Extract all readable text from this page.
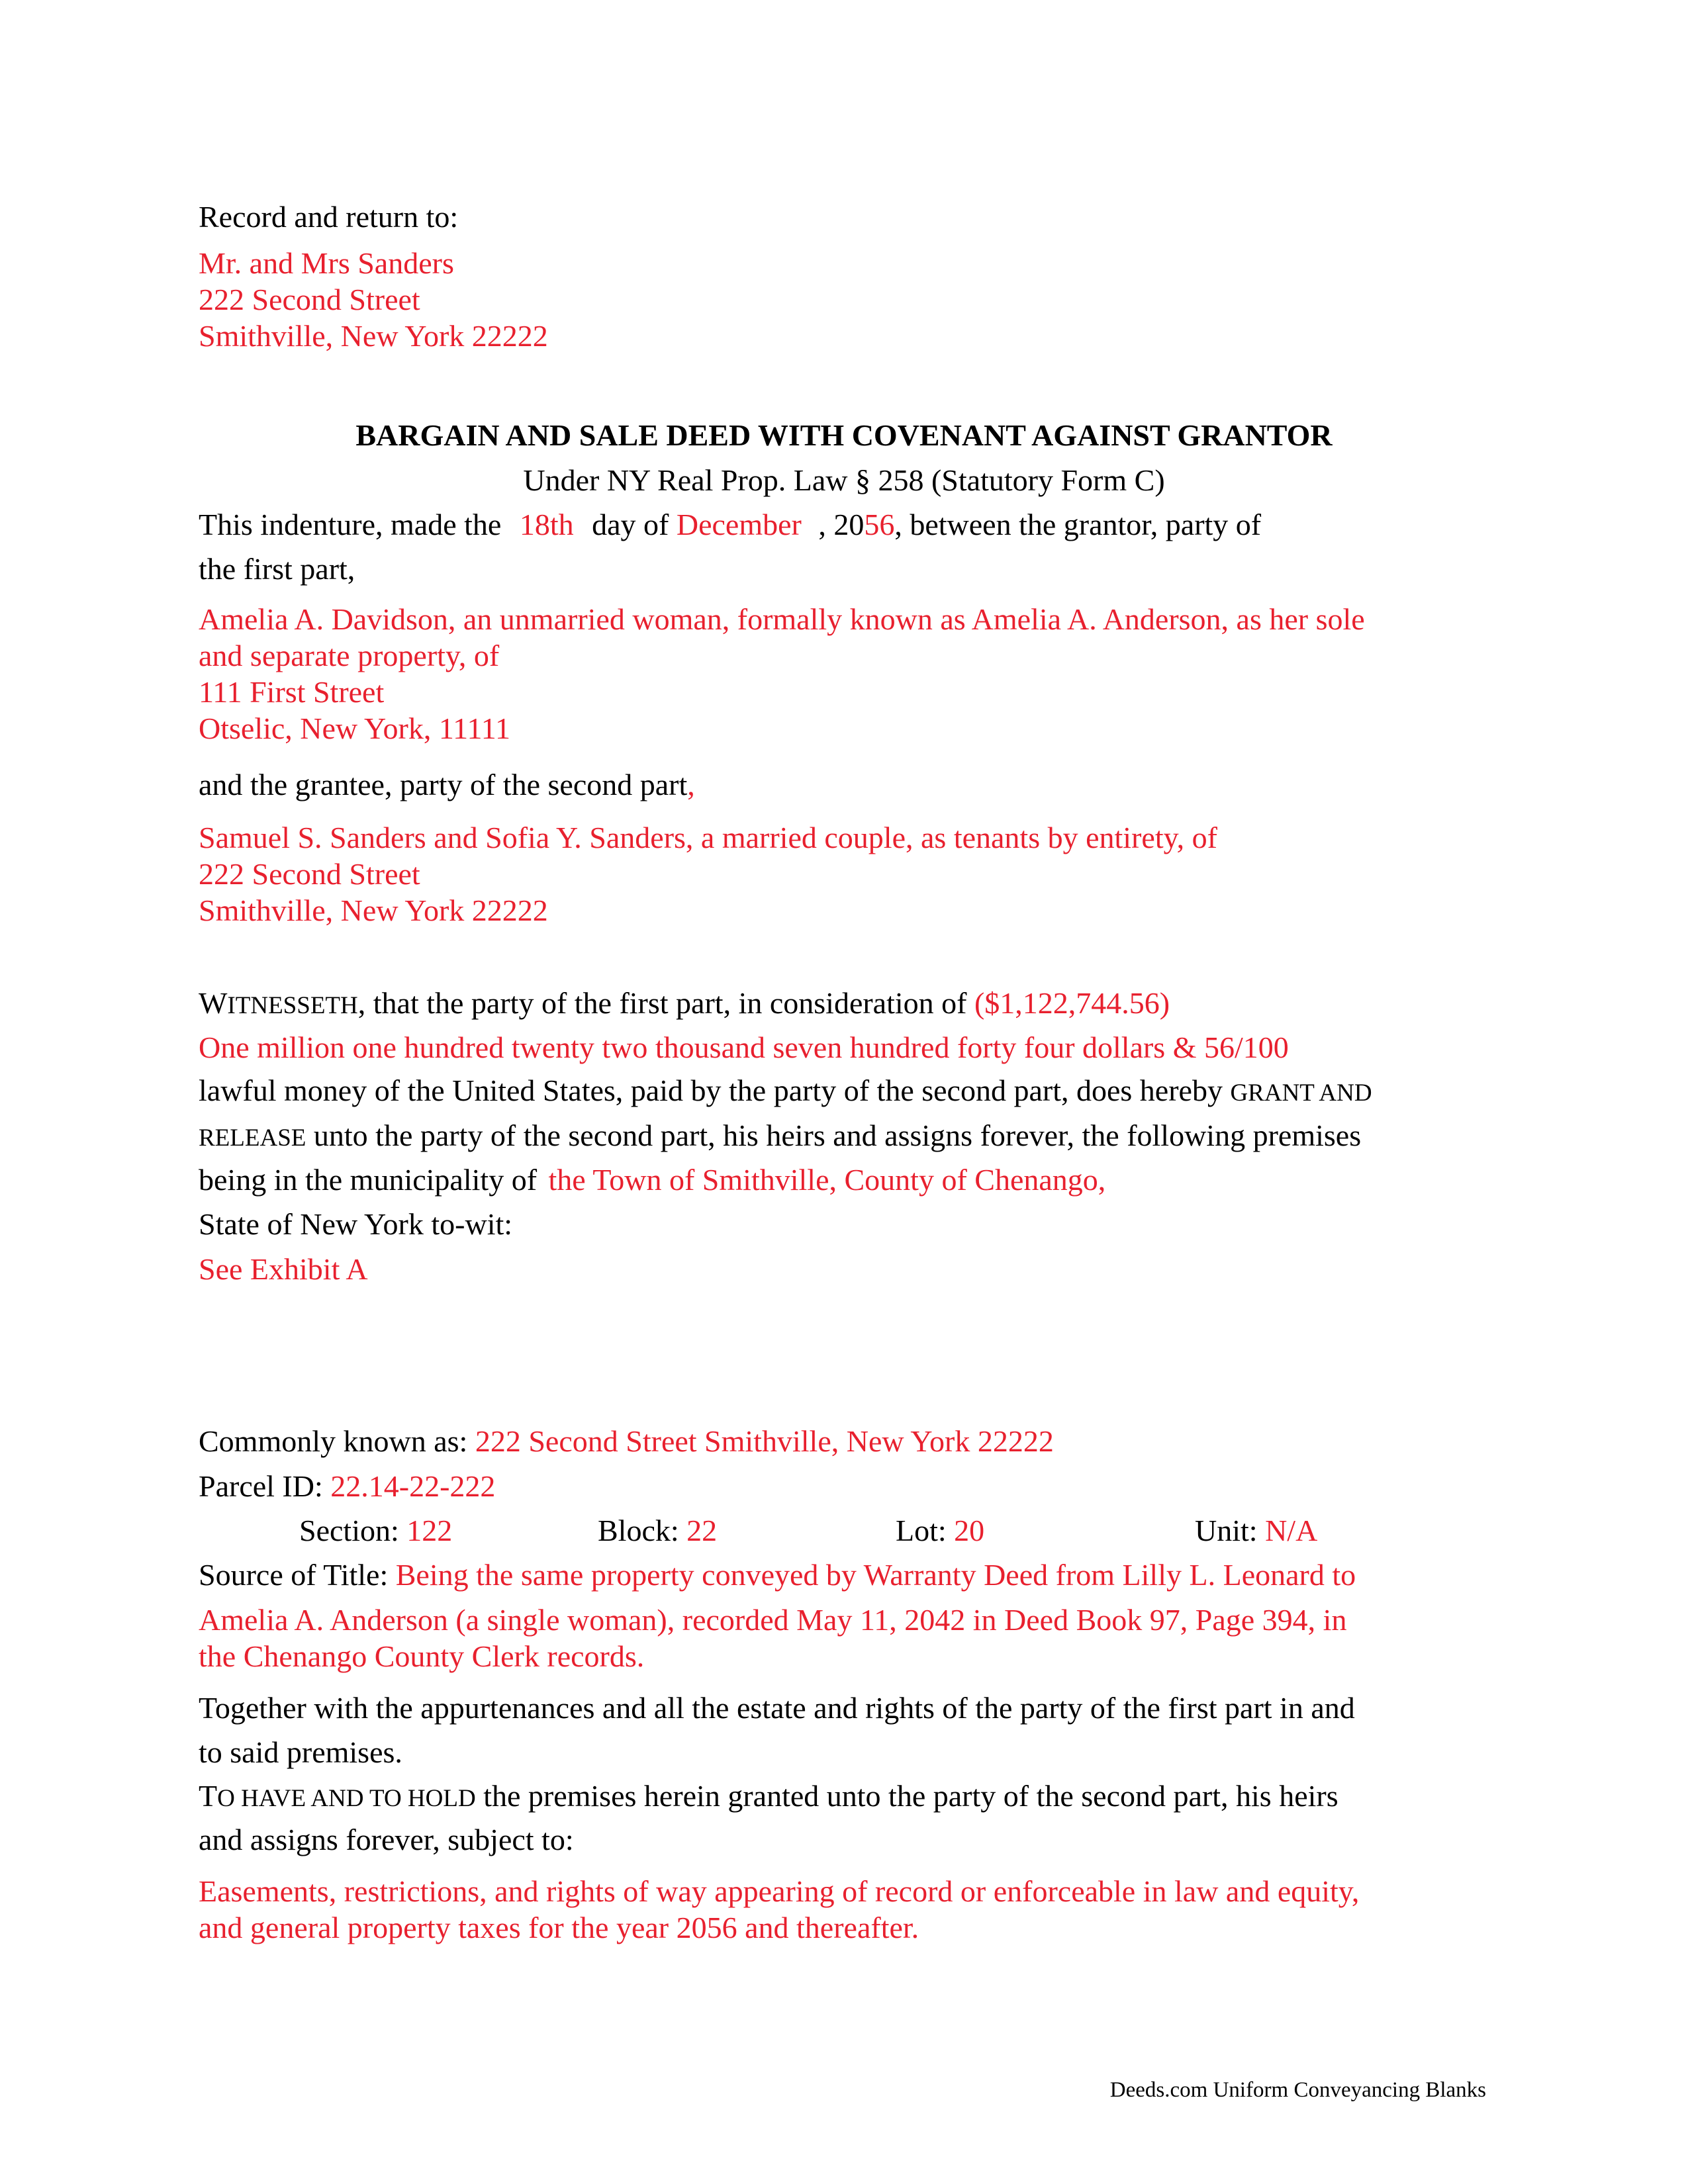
Record and return to:
Mr. and Mrs Sanders
222 Second Street
Smithville, New York 22222
BARGAIN AND SALE DEED WITH COVENANT AGAINST GRANTOR
Under NY Real Prop. Law § 258 (Statutory Form C)
This indenture, made the 18th day of December , 2056, between the grantor, party of
the first part,
Amelia A. Davidson, an unmarried woman, formally known as Amelia A. Anderson, as her sole
and separate property, of
111 First Street
Otselic, New York, 11111
and the grantee, party of the second part,
Samuel S. Sanders and Sofia Y. Sanders, a married couple, as tenants by entirety, of
222 Second Street
Smithville, New York 22222
WITNESSETH, that the party of the first part, in consideration of ($1,122,744.56)
One million one hundred twenty two thousand seven hundred forty four dollars & 56/100
lawful money of the United States, paid by the party of the second part, does hereby GRANT AND
RELEASE unto the party of the second part, his heirs and assigns forever, the following premises
being in the municipality of the Town of Smithville, County of Chenango,
State of New York to-wit:
See Exhibit A
Commonly known as: 222 Second Street Smithville, New York 22222
Parcel ID: 22.14-22-222
Section: 122	Block: 22	Lot: 20	Unit: N/A
Source of Title: Being the same property conveyed by Warranty Deed from Lilly L. Leonard to
Amelia A. Anderson (a single woman), recorded May 11, 2042 in Deed Book 97, Page 394, in
the Chenango County Clerk records.
Together with the appurtenances and all the estate and rights of the party of the first part in and
to said premises.
TO HAVE AND TO HOLD the premises herein granted unto the party of the second part, his heirs
and assigns forever, subject to:
Easements, restrictions, and rights of way appearing of record or enforceable in law and equity,
and general property taxes for the year 2056 and thereafter.
Deeds.com Uniform Conveyancing Blanks
